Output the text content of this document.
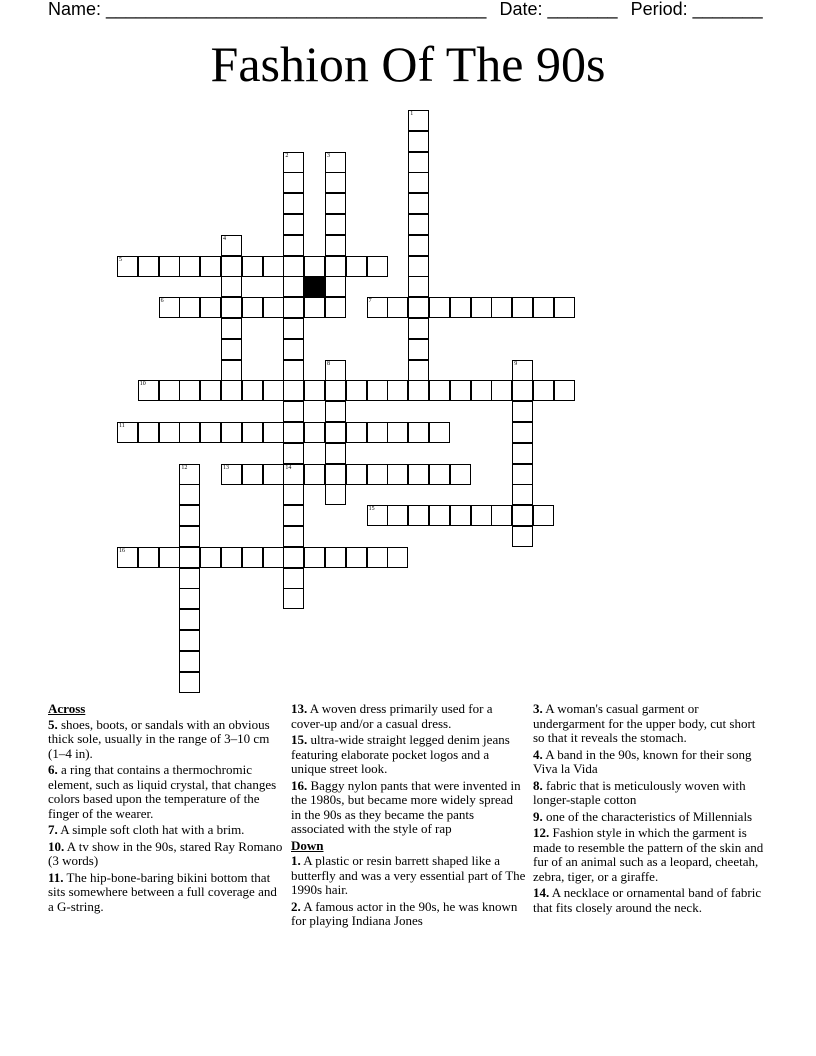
Name: ______________________________________ Date: _______ Period: _______
Fashion Of The 90s
1
2
14
3
4
5
6	7
8	9
10
11
12	13
15
16
Across
5. shoes, boots, or sandals with an obvious thick sole, usually in the range of 3–10 cm (1–4 in).
6. a ring that contains a thermochromic element, such as liquid crystal, that changes colors based upon the temperature of the finger of the wearer.
7. A simple soft cloth hat with a brim.
10. A tv show in the 90s, stared Ray Romano (3 words)
11. The hip-bone-baring bikini bottom that sits somewhere between a full coverage and a G-string.
13. A woven dress primarily used for a cover-up and/or a casual dress.
15. ultra-wide straight legged denim jeans featuring elaborate pocket logos and a unique street look.
16. Baggy nylon pants that were invented in the 1980s, but became more widely spread in the 90s as they became the pants associated with the style of rap
Down
1. A plastic or resin barrett shaped like a butterfly and was a very essential part of The 1990s hair.
2. A famous actor in the 90s, he was known for playing Indiana Jones
3. A woman's casual garment or undergarment for the upper body, cut short so that it reveals the stomach.
4. A band in the 90s, known for their song Viva la Vida
8. fabric that is meticulously woven with longer-staple cotton
9. one of the characteristics of Millennials
12. Fashion style in which the garment is made to resemble the pattern of the skin and fur of an animal such as a leopard, cheetah, zebra, tiger, or a giraffe.
14. A necklace or ornamental band of fabric that fits closely around the neck.
